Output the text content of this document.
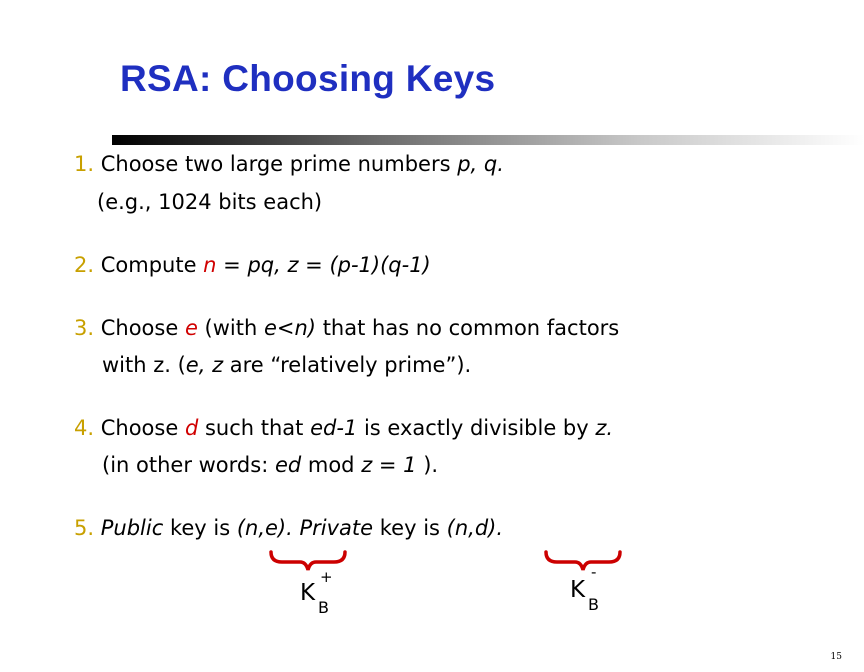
RSA: Choosing Keys
1. Choose two large prime numbers p, q.
(e.g., 1024 bits each)
2. Compute n = pq, z = (p-1)(q-1)
3. Choose e (with e<n) that has no common factors
with z. (e, z are “relatively prime”).
4. Choose d such that ed-1 is exactly divisible by z.
(in other words: ed mod z = 1 ).
5. Public key is (n,e). Private key is (n,d).
K
+
B
K
-
B
15
